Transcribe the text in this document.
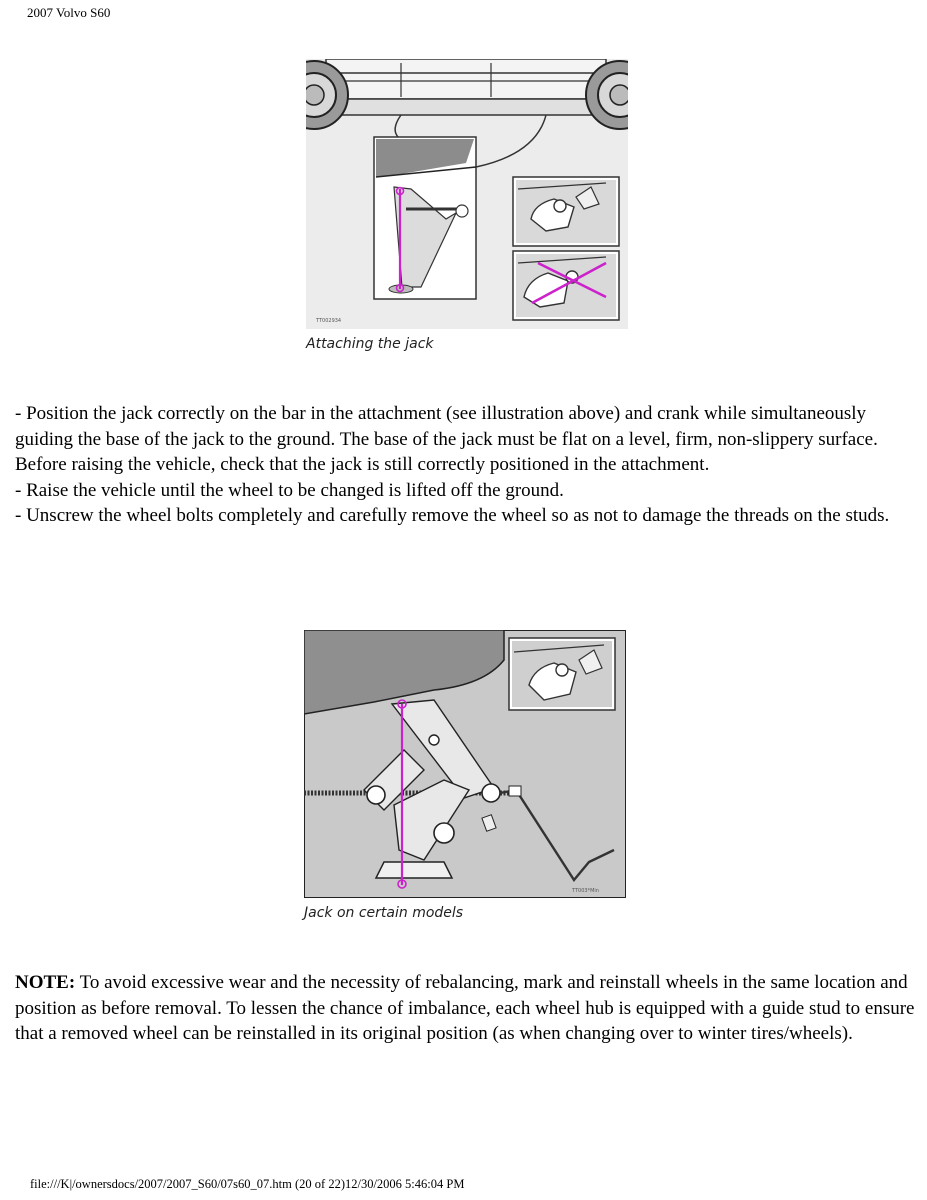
2007 Volvo S60
TT002934
Attaching the jack

- Position the jack correctly on the bar in the attachment (see illustration above) and crank while simultaneously guiding the base of the jack to the ground. The base of the jack must be flat on a level, firm, non-slippery surface. Before raising the vehicle, check that the jack is still correctly positioned in the attachment.

- Raise the vehicle until the wheel to be changed is lifted off the ground.

- Unscrew the wheel bolts completely and carefully remove the wheel so as not to damage the threads on the studs.

TT003*Min
Jack on certain models

NOTE: To avoid excessive wear and the necessity of rebalancing, mark and reinstall wheels in the same location and position as before removal. To lessen the chance of imbalance, each wheel hub is equipped with a guide stud to ensure that a removed wheel can be reinstalled in its original position (as when changing over to winter tires/wheels).

file:///K|/ownersdocs/2007/2007_S60/07s60_07.htm (20 of 22)12/30/2006 5:46:04 PM
